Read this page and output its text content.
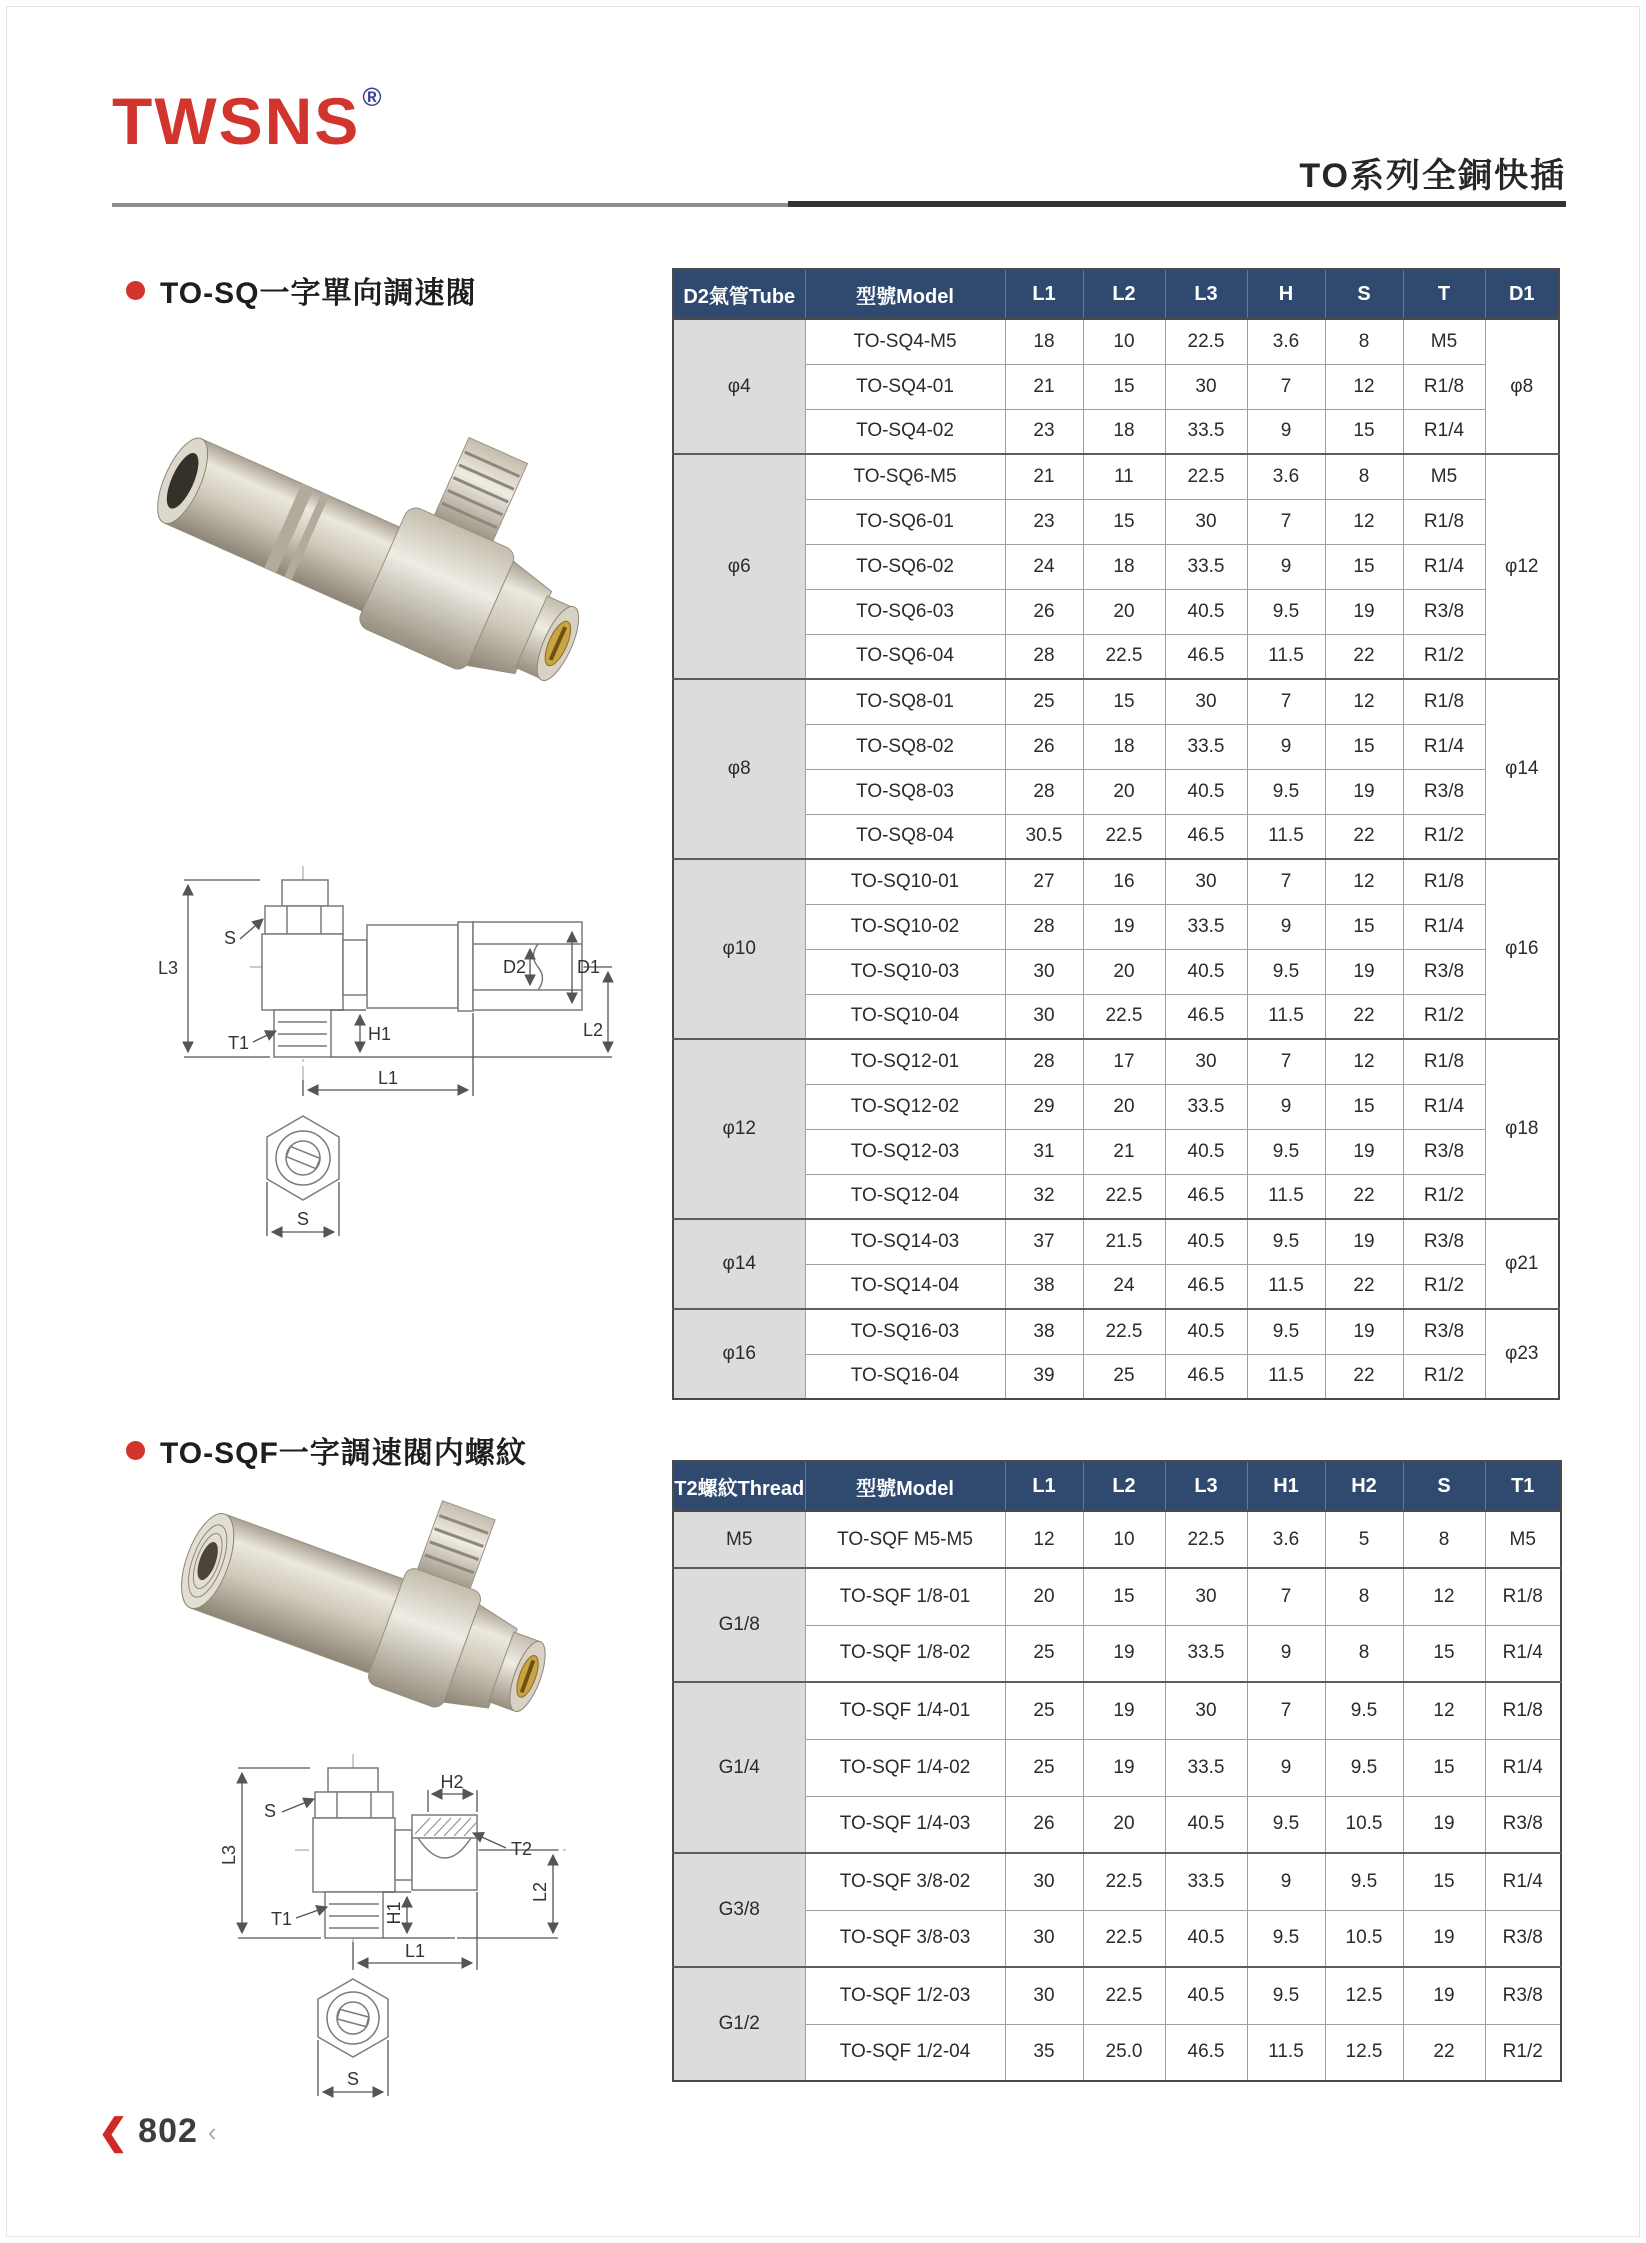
TWSNS®
TO系列全銅快插
TO-SQ一字單向調速閥
L3
S
T1	H1
D2	D1
L2
L1
S
D2氣管Tube	型號Model	L1	L2	L3	H	S	T	D1
φ4	TO-SQ4-M5	18	10	22.5	3.6	8	M5	φ8
	TO-SQ4-01	21	15	30	7	12	R1/8	
	TO-SQ4-02	23	18	33.5	9	15	R1/4	
φ6	TO-SQ6-M5	21	11	22.5	3.6	8	M5	φ12
	TO-SQ6-01	23	15	30	7	12	R1/8	
	TO-SQ6-02	24	18	33.5	9	15	R1/4	
	TO-SQ6-03	26	20	40.5	9.5	19	R3/8	
	TO-SQ6-04	28	22.5	46.5	11.5	22	R1/2	
φ8	TO-SQ8-01	25	15	30	7	12	R1/8	φ14
	TO-SQ8-02	26	18	33.5	9	15	R1/4	
	TO-SQ8-03	28	20	40.5	9.5	19	R3/8	
	TO-SQ8-04	30.5	22.5	46.5	11.5	22	R1/2	
φ10	TO-SQ10-01	27	16	30	7	12	R1/8	φ16
	TO-SQ10-02	28	19	33.5	9	15	R1/4	
	TO-SQ10-03	30	20	40.5	9.5	19	R3/8	
	TO-SQ10-04	30	22.5	46.5	11.5	22	R1/2	
φ12	TO-SQ12-01	28	17	30	7	12	R1/8	φ18
	TO-SQ12-02	29	20	33.5	9	15	R1/4	
	TO-SQ12-03	31	21	40.5	9.5	19	R3/8	
	TO-SQ12-04	32	22.5	46.5	11.5	22	R1/2	
φ14	TO-SQ14-03	37	21.5	40.5	9.5	19	R3/8	φ21
	TO-SQ14-04	38	24	46.5	11.5	22	R1/2	
φ16	TO-SQ16-03	38	22.5	40.5	9.5	19	R3/8	φ23
	TO-SQ16-04	39	25	46.5	11.5	22	R1/2	
TO-SQF一字調速閥内螺紋
L3
S
T1
H2
T2
H1
L2
L1
S
T2螺紋Thread	型號Model	L1	L2	L3	H1	H2	S	T1
M5	TO-SQF M5-M5	12	10	22.5	3.6	5	8	M5
G1/8	TO-SQF 1/8-01	20	15	30	7	8	12	R1/8
	TO-SQF 1/8-02	25	19	33.5	9	8	15	R1/4
G1/4	TO-SQF 1/4-01	25	19	30	7	9.5	12	R1/8
	TO-SQF 1/4-02	25	19	33.5	9	9.5	15	R1/4
	TO-SQF 1/4-03	26	20	40.5	9.5	10.5	19	R3/8
G3/8	TO-SQF 3/8-02	30	22.5	33.5	9	9.5	15	R1/4
	TO-SQF 3/8-03	30	22.5	40.5	9.5	10.5	19	R3/8
G1/2	TO-SQF 1/2-03	30	22.5	40.5	9.5	12.5	19	R3/8
	TO-SQF 1/2-04	35	25.0	46.5	11.5	12.5	22	R1/2
❮ 802 ‹
